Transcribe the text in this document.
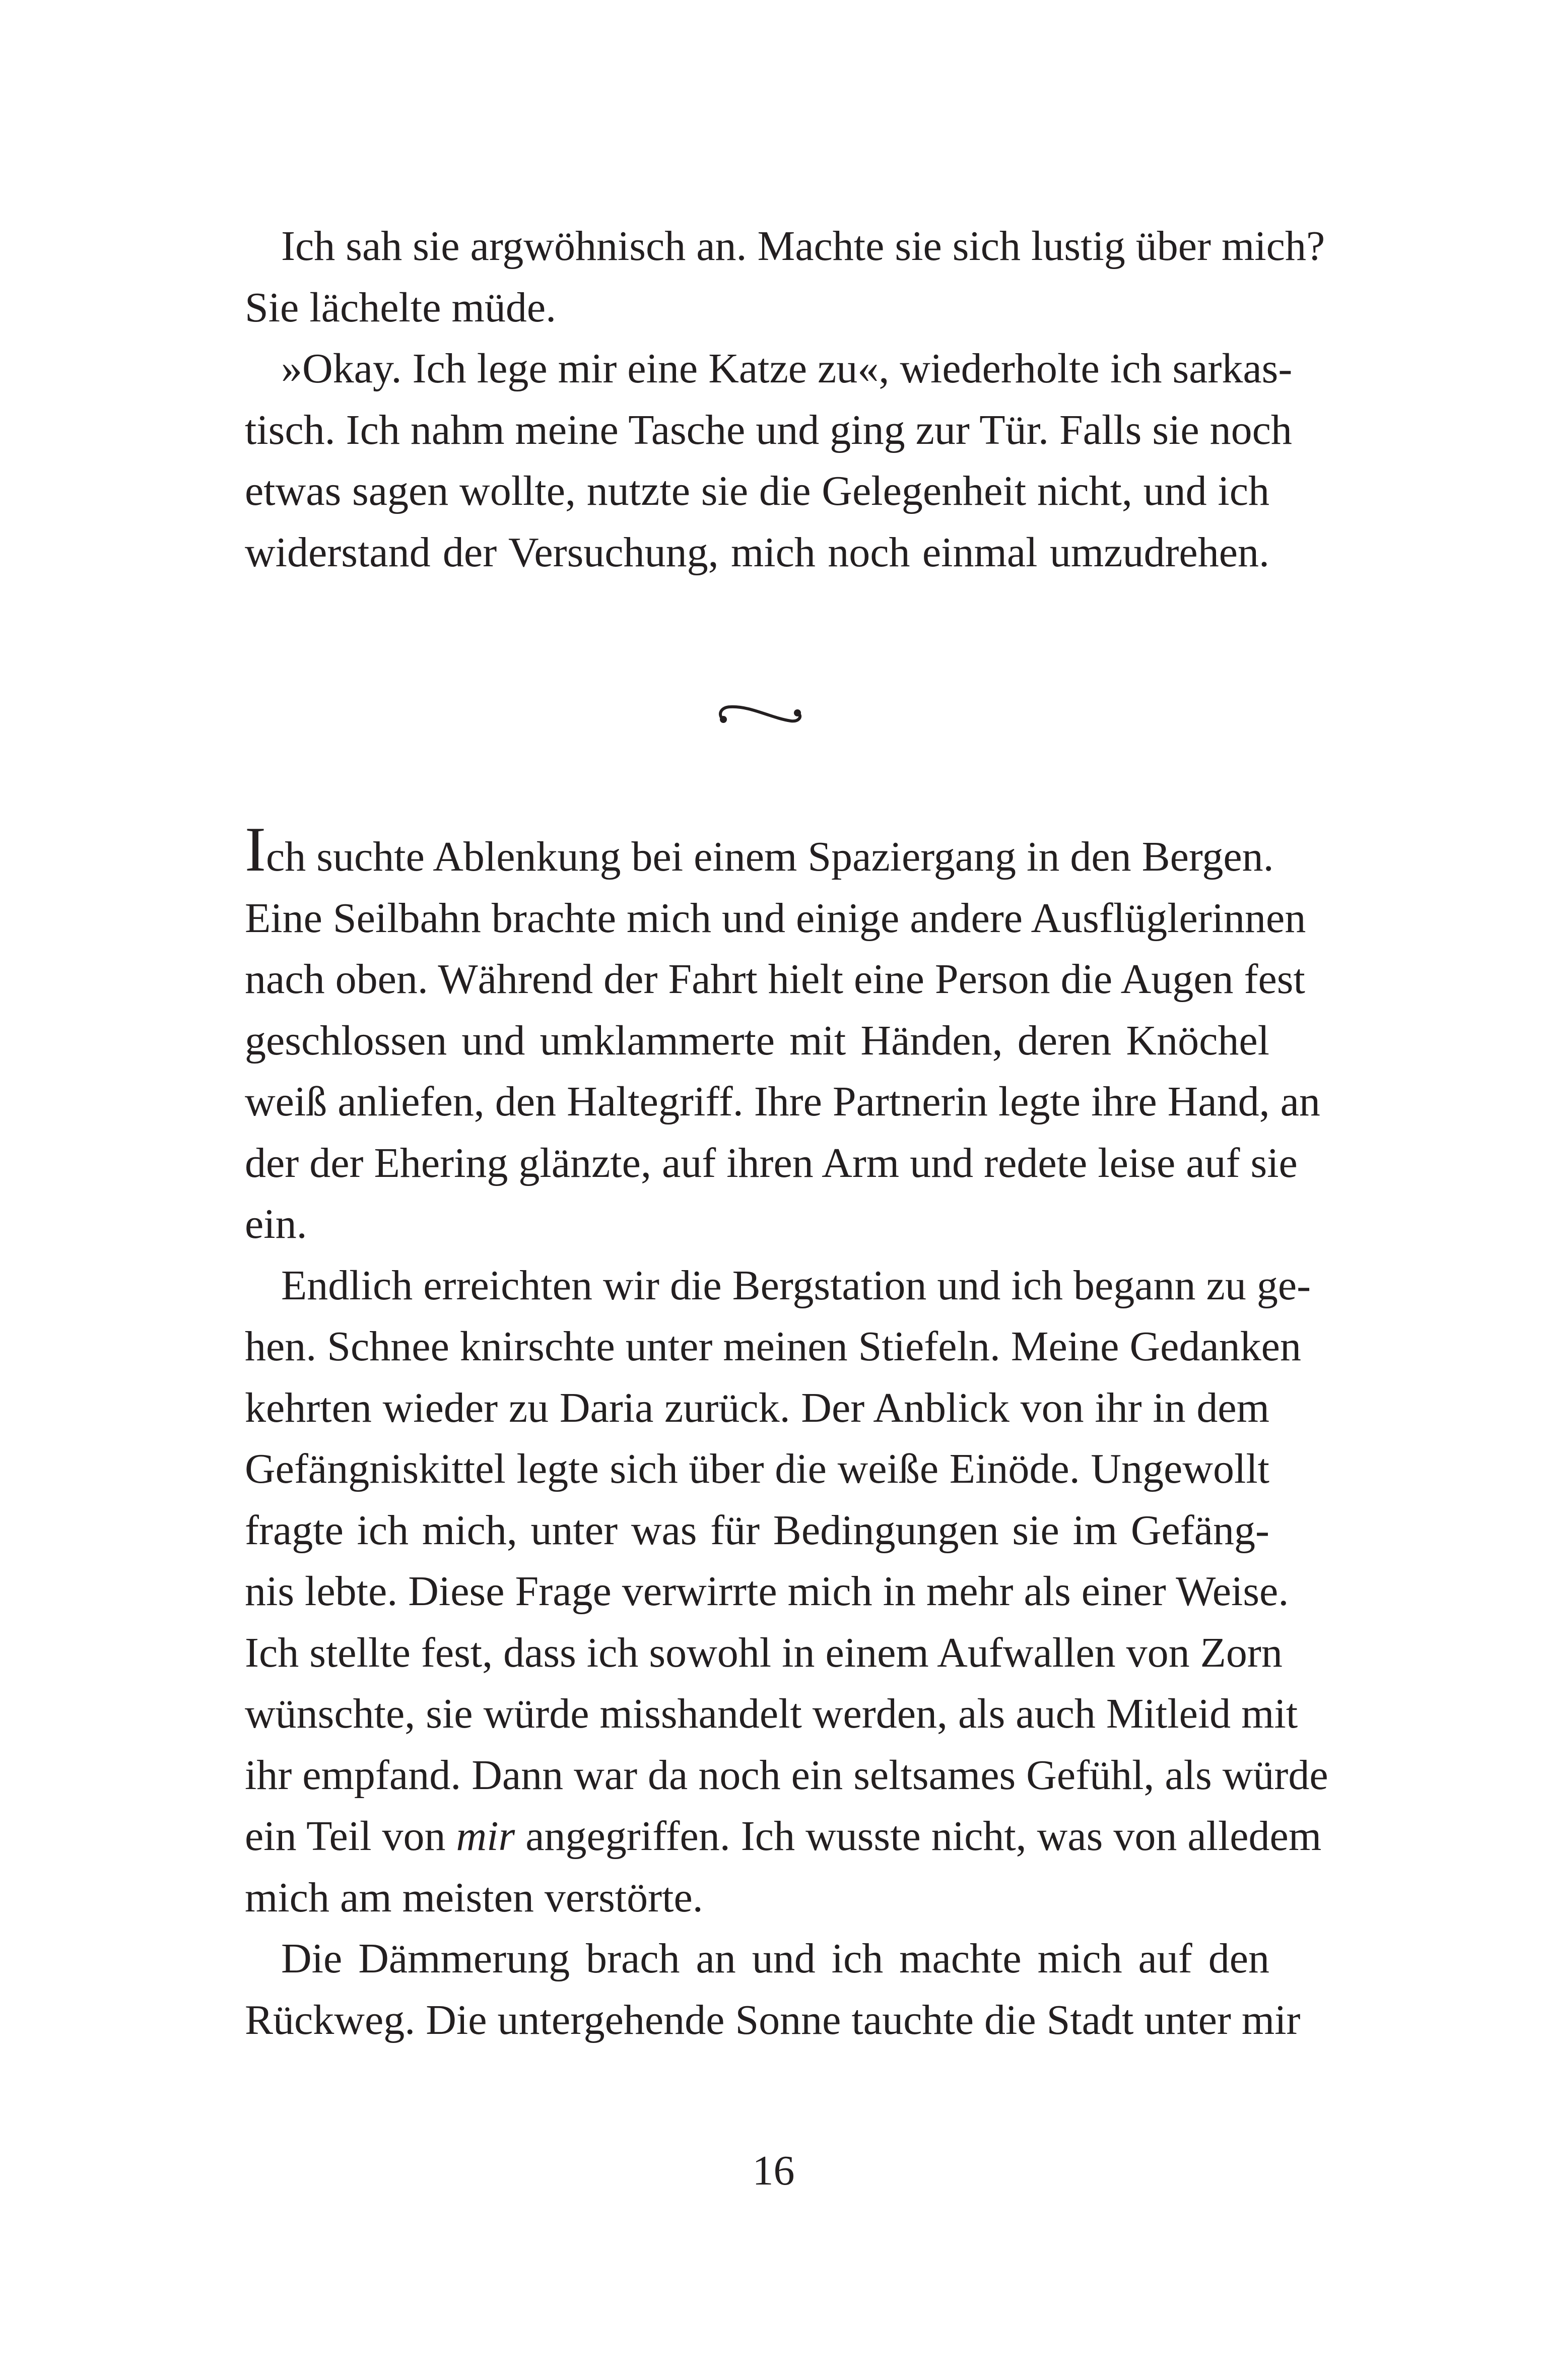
Ich sah sie argwöhnisch an. Machte sie sich lustig über mich?
Sie lächelte müde.
»Okay. Ich lege mir eine Katze zu«, wiederholte ich sarkas-
tisch. Ich nahm meine Tasche und ging zur Tür. Falls sie noch
etwas sagen wollte, nutzte sie die Gelegenheit nicht, und ich
widerstand der Versuchung, mich noch einmal umzudrehen.
Ich suchte Ablenkung bei einem Spaziergang in den Bergen.
Eine Seilbahn brachte mich und einige andere Ausflüglerinnen
nach oben. Während der Fahrt hielt eine Person die Augen fest
geschlossen und umklammerte mit Händen, deren Knöchel
weiß anliefen, den Haltegriff. Ihre Partnerin legte ihre Hand, an
der der Ehering glänzte, auf ihren Arm und redete leise auf sie
ein.
Endlich erreichten wir die Bergstation und ich begann zu ge-
hen. Schnee knirschte unter meinen Stiefeln. Meine Gedanken
kehrten wieder zu Daria zurück. Der Anblick von ihr in dem
Gefängniskittel legte sich über die weiße Einöde. Ungewollt
fragte ich mich, unter was für Bedingungen sie im Gefäng-
nis lebte. Diese Frage verwirrte mich in mehr als einer Weise.
Ich stellte fest, dass ich sowohl in einem Aufwallen von Zorn
wünschte, sie würde misshandelt werden, als auch Mitleid mit
ihr empfand. Dann war da noch ein seltsames Gefühl, als würde
ein Teil von mir angegriffen. Ich wusste nicht, was von alledem
mich am meisten verstörte.
Die Dämmerung brach an und ich machte mich auf den
Rückweg. Die untergehende Sonne tauchte die Stadt unter mir
16
